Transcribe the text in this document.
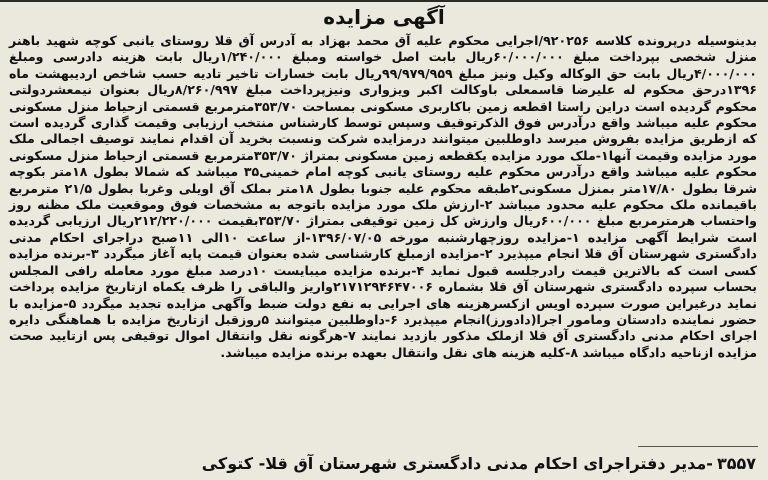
آگهی مزایده

بدینوسیله درپرونده کلاسه ۹۲۰۲۵۶/اجرایی محکوم علیه آق محمد بهزاد به آدرس آق قلا روستای یانبی کوچه شهید باهنر منزل شخصی بپرداخت مبلغ ۶۰/۰۰۰/۰۰۰ریال بابت اصل خواسته ومبلغ ۱/۲۴۰/۰۰۰ریال بابت هزینه دادرسی ومبلغ ۴/۰۰۰/۰۰۰ریال بابت حق الوکاله وکیل ونیز مبلغ ۹۹/۹۷۹/۹۵۹ریال بابت خسارات تاخیر تادیه حسب شاخص اردیبهشت ماه ۱۳۹۶درحق محکوم له علیرضا قاسمعلی باوکالت اکبر ویزواری ونیزپرداخت مبلغ ۸/۲۶۰/۹۹۷ریال بعنوان نیمعشردولتی محکوم گردیده است دراین راستا اقطعه زمین باکاربری مسکونی بمساحت ۳۵۳/۷۰مترمربع قسمتی ازحیاط منزل مسکونی محکوم علیه میباشد واقع درآدرس فوق الذکرتوقیف وسپس توسط کارشناس منتخب ارزیابی وقیمت گذاری گردیده است که ازطریق مزایده بفروش میرسد داوطلبین میتوانند درمزایده شرکت ونسبت بخرید آن اقدام نمایند توصیف اجمالی ملک مورد مزایده وقیمت آنها۱-ملک مورد مزایده یکقطعه زمین مسکونی بمتراژ ۳۵۳/۷۰مترمربع قسمتی ازحیاط منزل مسکونی محکوم علیه میباشد واقع درآدرس محکوم علیه روستای یانبی کوچه امام خمینی۳۵ میباشد که شمالا بطول ۱۸متر بکوچه شرقا بطول ۱۷/۸۰متر بمنزل مسکونی۲طبقه محکوم علیه جنوبا بطول ۱۸متر بملک آق اویلی وغربا بطول ۲۱/۵ مترمربع باقیمانده ملک محکوم علیه محدود میباشد ۲-ارزش ملک مورد مزایده باتوجه به مشخصات فوق وموقعیت ملک مظنه روز واحتساب هرمترمربع مبلغ ۶۰۰/۰۰۰ریال وارزش کل زمین توقیفی بمتراژ ۳۵۳/۷۰بقیمت ۲۱۲/۲۲۰/۰۰۰ریال ارزیابی گردیده است شرایط آگهی مزایده ۱-مزایده روزچهارشنبه مورخه ۱۳۹۶/۰۷/۰۵-از ساعت ۱۰الی ۱۱صبح دراجرای احکام مدنی دادگستری شهرستان آق قلا انجام میپذیرد ۲-مزایده ازمبلغ کارشناسی شده بعنوان قیمت پایه آغاز میگردد ۳-برنده مزایده کسی است که بالاترین قیمت رادرجلسه قبول نماید ۴-برنده مزایده میبایست ۱۰درصد مبلغ مورد معامله رافی المجلس بحساب سپرده دادگستری شهرستان آق قلا بشماره ۲۱۷۱۲۹۴۶۴۷۰۰۶واریز والباقی را ظرف یکماه ازتاریخ مزایده پرداخت نماید درغیراین صورت سپرده اویس ازکسرهزینه های اجرایی به نفع دولت ضبط وآگهی مزایده تجدید میگردد ۵-مزایده با حضور نماینده دادستان ومامور اجرا(دادورز)انجام میپذیرد ۶-داوطلبین میتوانند ۵روزقبل ازتاریخ مزایده با هماهنگی دایره اجرای احکام مدنی دادگستری آق قلا ازملک مذکور بازدید نمایند ۷-هرگونه نقل وانتقال اموال توقیفی پس ازتایید صحت مزایده ازناحیه دادگاه میباشد ۸-کلیه هزینه های نقل وانتقال بعهده برنده مزایده میباشد.

۳۵۵۷-مدیر دفتراجرای احکام مدنی دادگستری شهرستان آق قلا- کتوکی
